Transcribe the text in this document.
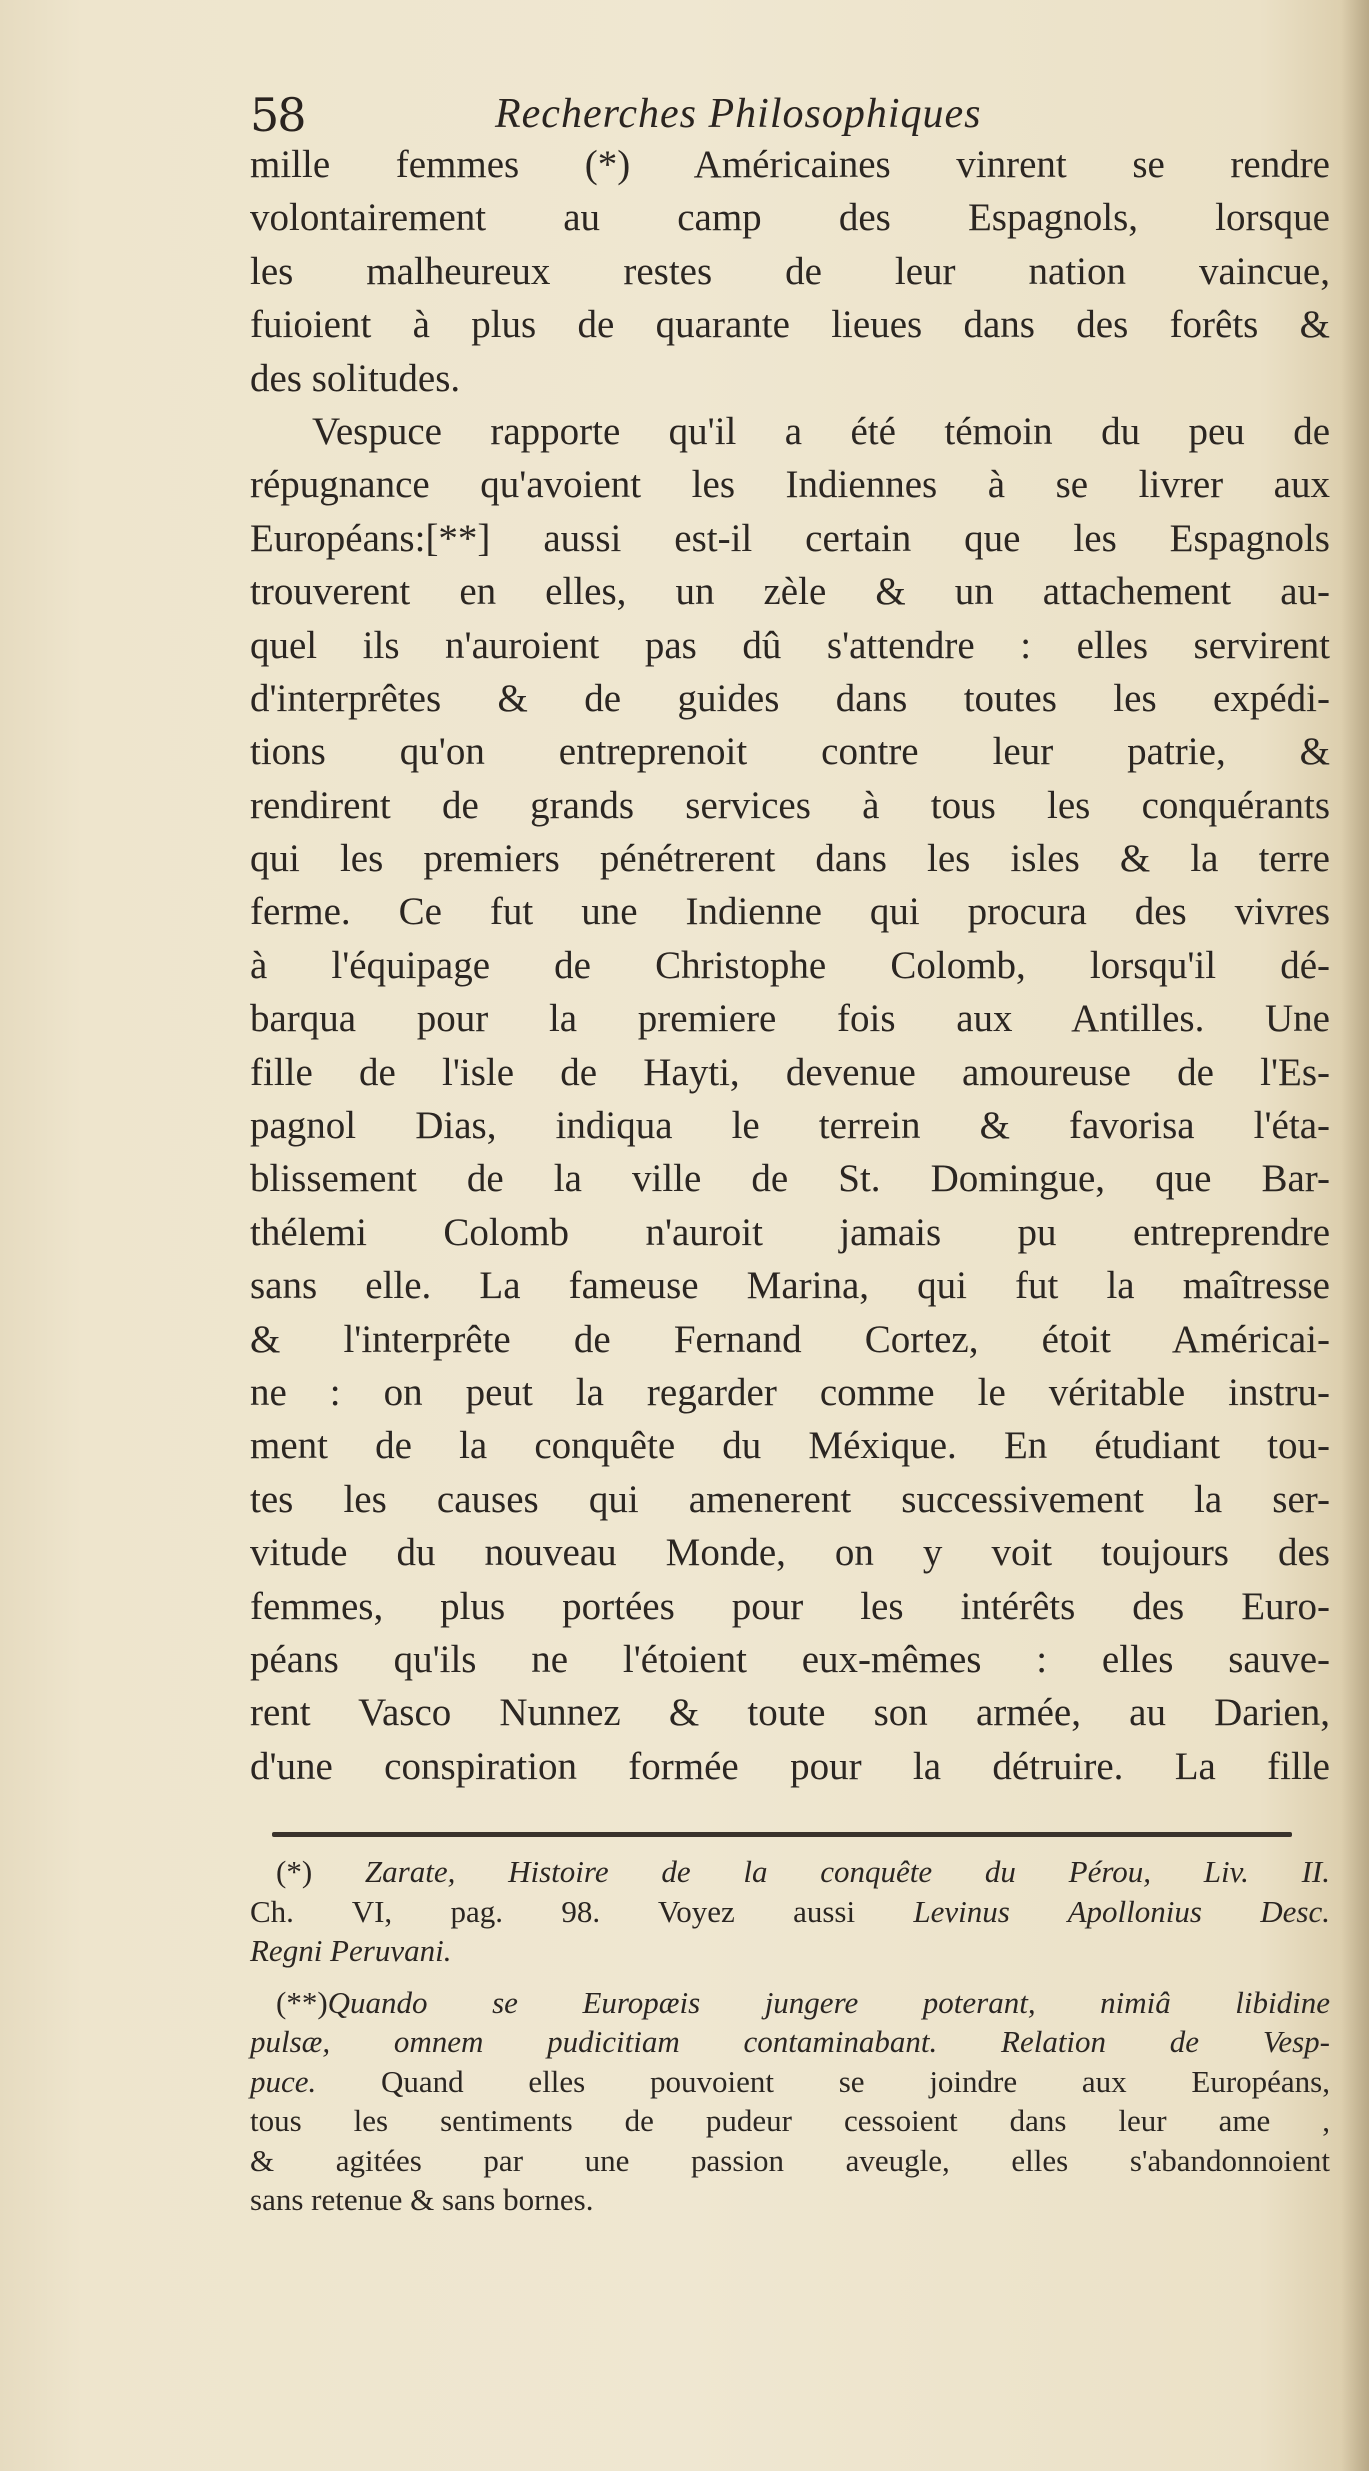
58	Recherches Philosophiques
mille femmes (*) Américaines vinrent se rendre
volontairement au camp des Espagnols, lorsque
les malheureux restes de leur nation vaincue,
fuioient à plus de quarante lieues dans des forêts &
des solitudes.
Vespuce rapporte qu'il a été témoin du peu de
répugnance qu'avoient les Indiennes à se livrer aux
Européans:[**] aussi est-il certain que les Espagnols
trouverent en elles, un zèle & un attachement au-
quel ils n'auroient pas dû s'attendre : elles servirent
d'interprêtes & de guides dans toutes les expédi-
tions qu'on entreprenoit contre leur patrie, &
rendirent de grands services à tous les conquérants
qui les premiers pénétrerent dans les isles & la terre
ferme. Ce fut une Indienne qui procura des vivres
à l'équipage de Christophe Colomb, lorsqu'il dé-
barqua pour la premiere fois aux Antilles. Une
fille de l'isle de Hayti, devenue amoureuse de l'Es-
pagnol Dias, indiqua le terrein & favorisa l'éta-
blissement de la ville de St. Domingue, que Bar-
thélemi Colomb n'auroit jamais pu entreprendre
sans elle. La fameuse Marina, qui fut la maîtresse
& l'interprête de Fernand Cortez, étoit Américai-
ne : on peut la regarder comme le véritable instru-
ment de la conquête du Méxique. En étudiant tou-
tes les causes qui amenerent successivement la ser-
vitude du nouveau Monde, on y voit toujours des
femmes, plus portées pour les intérêts des Euro-
péans qu'ils ne l'étoient eux-mêmes : elles sauve-
rent Vasco Nunnez & toute son armée, au Darien,
d'une conspiration formée pour la détruire. La fille
(*) Zarate, Histoire de la conquête du Pérou, Liv. II.
Ch. VI, pag. 98. Voyez aussi Levinus Apollonius Desc.
Regni Peruvani.
(**)Quando se Europæis jungere poterant, nimiâ libidine
pulsæ, omnem pudicitiam contaminabant. Relation de Vesp-
puce. Quand elles pouvoient se joindre aux Européans,
tous les sentiments de pudeur cessoient dans leur ame ,
& agitées par une passion aveugle, elles s'abandonnoient
sans retenue & sans bornes.
